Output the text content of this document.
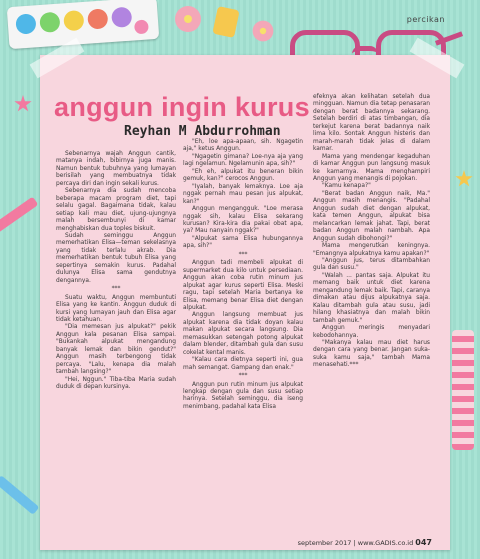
percikan
anggun ingin kurus
Reyhan M Abdurrohman

Sebenarnya wajah Anggun cantik, matanya indah, bibirnya juga manis. Namun bentuk tubuhnya yang lumayan berisilah yang membuatnya tidak percaya diri dan ingin sekali kurus.

Sebenarnya dia sudah mencoba beberapa macam program diet, tapi selalu gagal. Bagaimana tidak, kalau setiap kali mau diet, ujung-ujungnya malah bersembunyi di kamar menghabiskan dua toples biskuit.

Sudah seminggu Anggun memerhatikan Elisa—teman sekelasnya yang tidak terlalu akrab. Dia memerhatikan bentuk tubuh Elisa yang sepertinya semakin kurus. Padahal dulunya Elisa sama gendutnya dengannya.

***

Suatu waktu, Anggun membuntuti Elisa yang ke kantin. Anggun duduk di kursi yang lumayan jauh dan Elisa agar tidak ketahuan.

"Dia memesan jus alpukat?" pekik Anggun kala pesanan Elisa sampai. "Bukankah alpukat mengandung banyak lemak dan bikin gendut?" Anggun masih terbengong tidak percaya. "Lalu, kenapa dia malah tambah langsing?"

"Hei, Nggun." Tiba-tiba Maria sudah duduk di depan kursinya.

"Eh, loe apa-apaan, sih. Ngagetin aja," ketus Anggun.

"Ngagetin gimana? Loe-nya aja yang lagi ngelamun. Ngelamunin apa, sih?"

"Eh eh, alpukat itu beneran bikin gemuk, kan?" cerocos Anggun.

"Iyalah, banyak lemaknya. Loe aja nggak pernah mau pesan jus alpukat, kan?"

Anggun mengangguk. "Loe merasa nggak sih, kalau Elisa sekarang kurusan? Kira-kira dia pakai obat apa, ya? Mau nanyain nggak?"

"Alpukat sama Elisa hubungannya apa, sih?"

***

Anggun tadi membeli alpukat di supermarket dua kilo untuk persediaan. Anggun akan coba rutin minum jus alpukat agar kurus seperti Elisa. Meski ragu, tapi setelah Maria bertanya ke Elisa, memang benar Elisa diet dengan alpukat.

Anggun langsung membuat jus alpukat karena dia tidak doyan kalau makan alpukat secara langsung. Dia memasukkan setengah potong alpukat dalam blender, ditambah gula dan susu cokelat kental manis.

"Kalau cara dietnya seperti ini, gua mah semangat. Gampang dan enak."

***

Anggun pun rutin minum jus alpukat lengkap dengan gula dan susu setiap harinya. Setelah seminggu, dia iseng menimbang, padahal kata Elisa

efeknya akan kelihatan setelah dua mingguan. Namun dia tetap penasaran dengan berat badannya sekarang. Setelah berdiri di atas timbangan, dia terkejut karena berat badannya naik lima kilo. Sontak Anggun histeris dan marah-marah tidak jelas di dalam kamar.

Mama yang mendengar kegaduhan di kamar Anggun pun langsung masuk ke kamarnya. Mama menghampiri Anggun yang menangis di pojokan.

"Kamu kenapa?"

"Berat badan Anggun naik, Ma." Anggun masih menangis. "Padahal Anggun sudah diet dengan alpukat, kata temen Anggun, alpukat bisa melancarkan lemak jahat. Tapi, berat badan Anggun malah nambah. Apa Anggun sudah dibohongi?"

Mama mengerutkan keningnya. "Emangnya alpukatnya kamu apakan?"

"Anggun jus, terus ditambahkan gula dan susu."

"Walah ... pantas saja. Alpukat itu memang baik untuk diet karena mengandung lemak baik. Tapi, caranya dimakan atau dijus alpukatnya saja. Kalau ditambah gula atau susu, jadi hilang khasiatnya dan malah bikin tambah gemuk."

Anggun meringis menyadari kebodohannya.

"Makanya kalau mau diet harus dengan cara yang benar. Jangan suka-suka kamu saja," tambah Mama menasehati.***

september 2017 | www.GADIS.co.id 047
